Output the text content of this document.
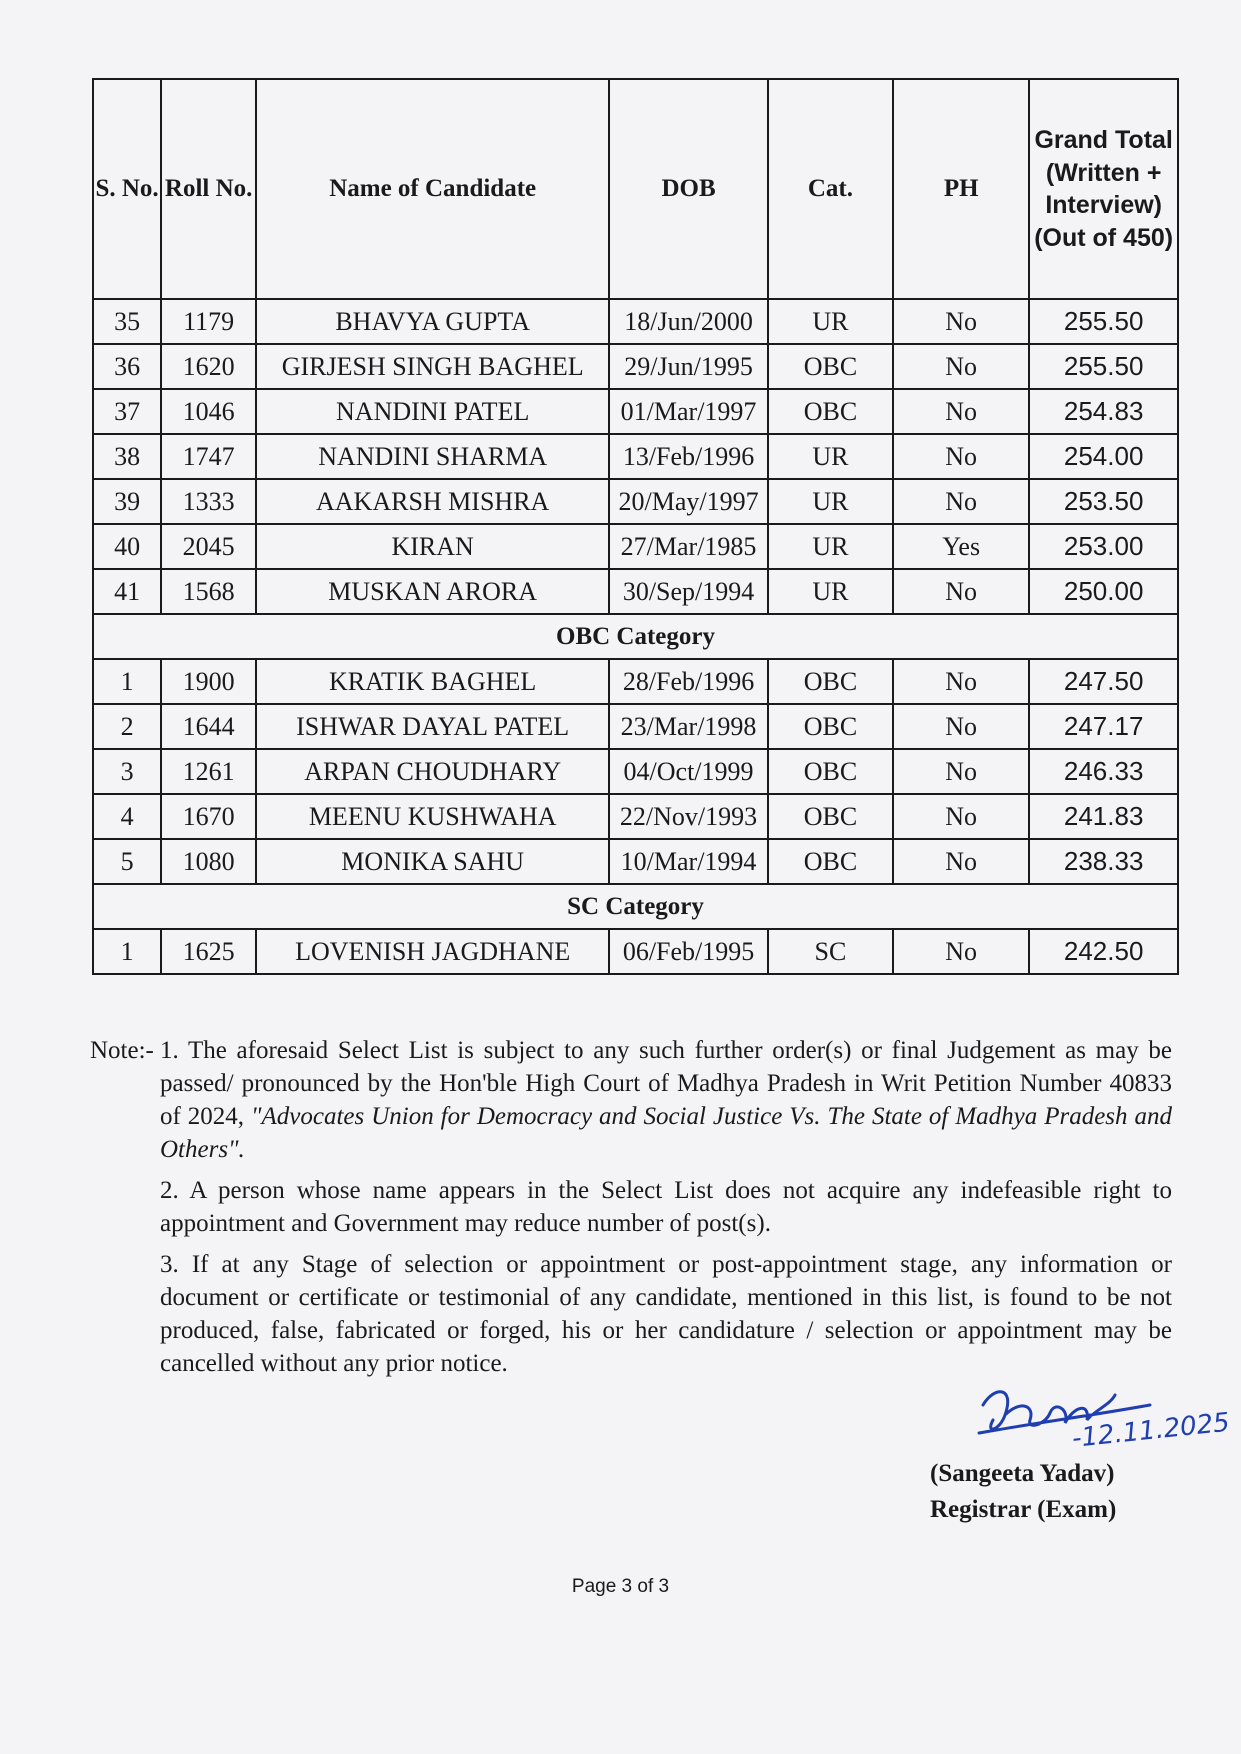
S. No.	Roll No.	Name of Candidate	DOB	Cat.	PH	Grand Total (Written + Interview) (Out of 450)
35	1179	BHAVYA GUPTA	18/Jun/2000	UR	No	255.50
36	1620	GIRJESH SINGH BAGHEL	29/Jun/1995	OBC	No	255.50
37	1046	NANDINI PATEL	01/Mar/1997	OBC	No	254.83
38	1747	NANDINI SHARMA	13/Feb/1996	UR	No	254.00
39	1333	AAKARSH MISHRA	20/May/1997	UR	No	253.50
40	2045	KIRAN	27/Mar/1985	UR	Yes	253.00
41	1568	MUSKAN ARORA	30/Sep/1994	UR	No	250.00
OBC Category						
1	1900	KRATIK BAGHEL	28/Feb/1996	OBC	No	247.50
2	1644	ISHWAR DAYAL PATEL	23/Mar/1998	OBC	No	247.17
3	1261	ARPAN CHOUDHARY	04/Oct/1999	OBC	No	246.33
4	1670	MEENU KUSHWAHA	22/Nov/1993	OBC	No	241.83
5	1080	MONIKA SAHU	10/Mar/1994	OBC	No	238.33
SC Category						
1	1625	LOVENISH JAGDHANE	06/Feb/1995	SC	No	242.50
Note:- 1. The aforesaid Select List is subject to any such further order(s) or final Judgement as may be passed/ pronounced by the Hon'ble High Court of Madhya Pradesh in Writ Petition Number 40833 of 2024, "Advocates Union for Democracy and Social Justice Vs. The State of Madhya Pradesh and Others".
2. A person whose name appears in the Select List does not acquire any indefeasible right to appointment and Government may reduce number of post(s).
3. If at any Stage of selection or appointment or post-appointment stage, any information or document or certificate or testimonial of any candidate, mentioned in this list, is found to be not produced, false, fabricated or forged, his or her candidature / selection or appointment may be cancelled without any prior notice.
-12.11.2025
(Sangeeta Yadav)
Registrar (Exam)
Page 3 of 3
